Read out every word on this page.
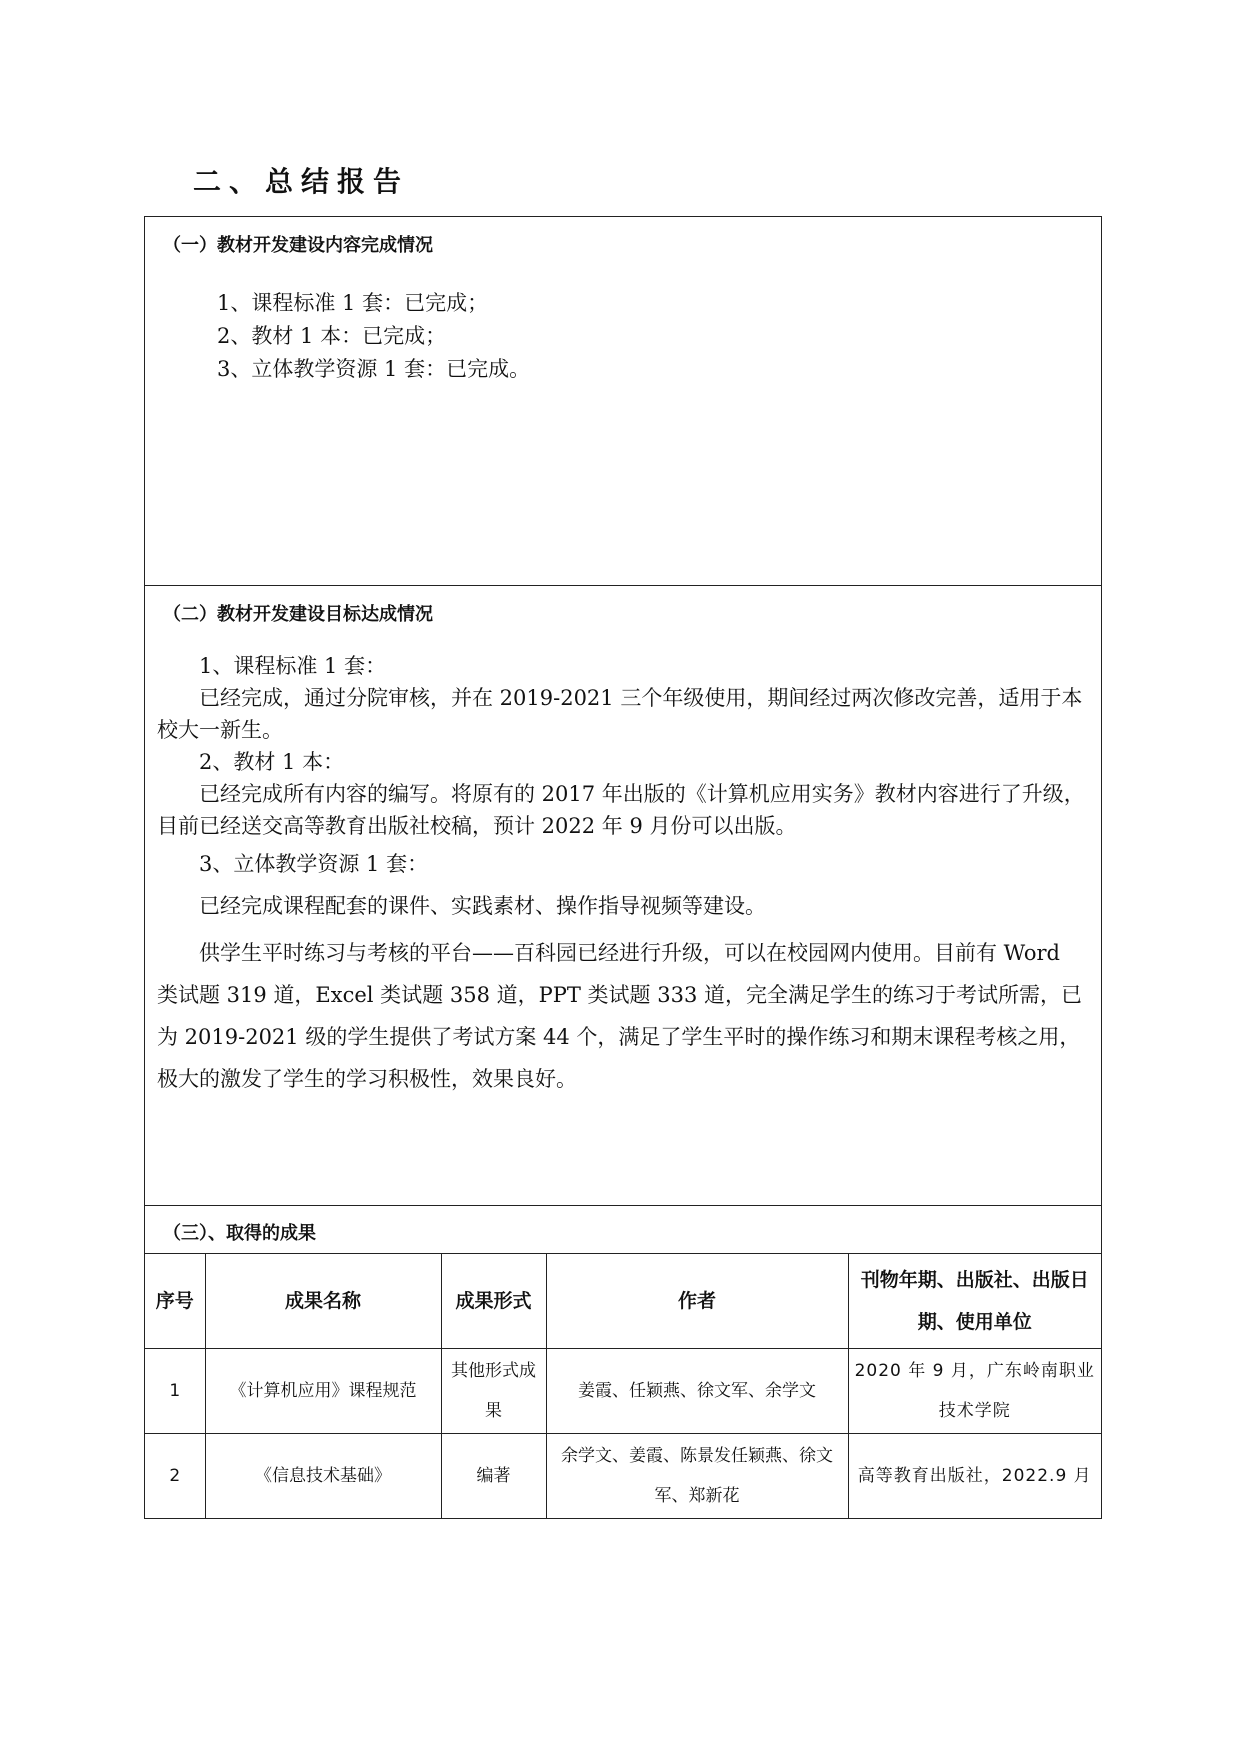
二、总结报告
（一）教材开发建设内容完成情况

1、课程标准 1 套：已完成；

2、教材 1 本：已完成；

3、立体教学资源 1 套：已完成。

（二）教材开发建设目标达成情况

1、课程标准 1 套：

已经完成，通过分院审核，并在 2019-2021 三个年级使用，期间经过两次修改完善，适用于本校大一新生。

2、教材 1 本：

已经完成所有内容的编写。将原有的 2017 年出版的《计算机应用实务》教材内容进行了升级，目前已经送交高等教育出版社校稿，预计 2022 年 9 月份可以出版。

3、立体教学资源 1 套：

已经完成课程配套的课件、实践素材、操作指导视频等建设。

供学生平时练习与考核的平台——百科园已经进行升级，可以在校园网内使用。目前有 Word 类试题 319 道，Excel 类试题 358 道，PPT 类试题 333 道，完全满足学生的练习于考试所需，已为 2019-2021 级的学生提供了考试方案 44 个，满足了学生平时的操作练习和期末课程考核之用，极大的激发了学生的学习积极性，效果良好。

（三）、取得的成果
序号	成果名称	成果形式	作者	刊物年期、出版社、出版日期、使用单位
1	《计算机应用》课程规范	其他形式成果	姜霞、任颖燕、徐文军、余学文	2020 年 9 月，广东岭南职业技术学院
2	《信息技术基础》	编著	余学文、姜霞、陈景发任颖燕、徐文军、郑新花	高等教育出版社，2022.9 月
